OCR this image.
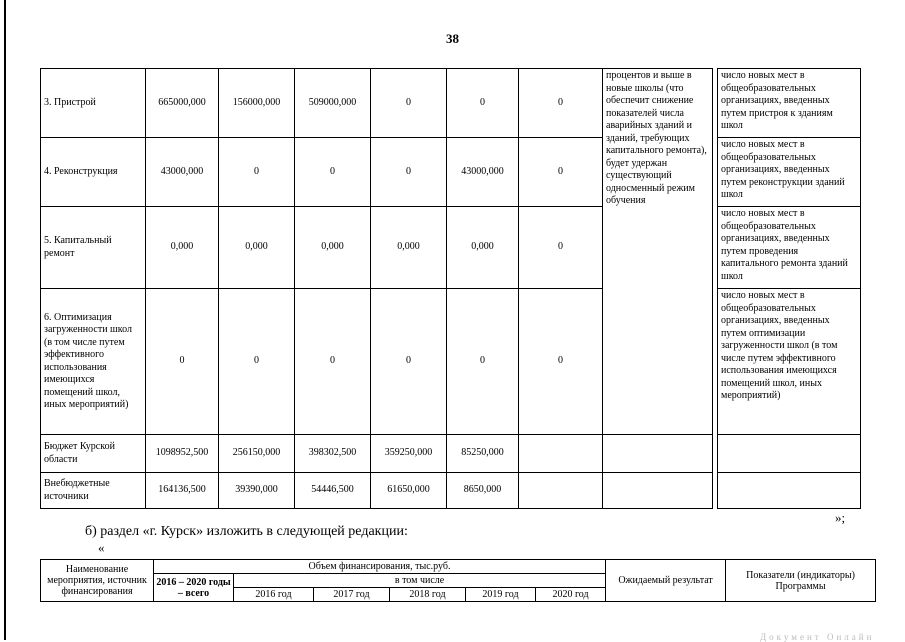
38
3. Пристрой	665000,000	156000,000	509000,000	0	0	0	процентов и выше в новые школы (что обеспечит снижение показателей числа аварийных зданий и зданий, требующих капитального ремонта), будет удержан существующий односменный режим обучения		число новых мест в общеобразовательных организациях, введенных путем пристроя к зданиям школ
4. Реконструкция	43000,000	0	0	0	43000,000	0			число новых мест в общеобразовательных организациях, введенных путем реконструкции зданий школ
5. Капитальный ремонт	0,000	0,000	0,000	0,000	0,000	0			число новых мест в общеобразовательных организациях, введенных путем проведения капитального ремонта зданий школ
6. Оптимизация загруженности школ (в том числе путем эффективного использования имеющихся помещений школ, иных мероприятий)	0	0	0	0	0	0			число новых мест в общеобразовательных организациях, введенных путем оптимизации загруженности школ (в том числе путем эффективного использования имеющихся помещений школ, иных мероприятий)
Бюджет Курской области	1098952,500	256150,000	398302,500	359250,000	85250,000				
Внебюджетные источники	164136,500	39390,000	54446,500	61650,000	8650,000				
»;
б) раздел «г. Курск» изложить в следующей редакции:
«
Наименование мероприятия, источник финансирования	Объем финансирования, тыс.руб.						Ожидаемый результат	Показатели (индикаторы) Программы
	2016 – 2020 годы – всего	в том числе						
		2016 год	2017 год	2018 год	2019 год	2020 год		
Документ Онлайн
